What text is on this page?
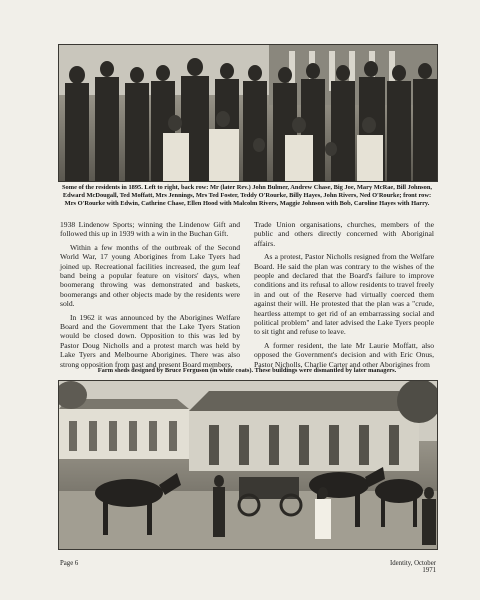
Some of the residents in 1895. Left to right, back row: Mr (later Rev.) John Bulmer, Andrew Chase, Big Joe, Mary McRae, Bill Johnson, Edward McDougall, Ted Moffatt, Mrs Jennings, Mrs Ted Foster, Teddy O'Rourke, Billy Hayes, John Rivers, Ned O'Rourke; front row: Mrs O'Rourke with Edwin, Cathrine Chase, Ellen Hood with Malcolm Rivers, Maggie Johnson with Bob, Caroline Hayes with Harry.

1938 Lindenow Sports; winning the Lindenow Gift and followed this up in 1939 with a win in the Buchan Gift.

Within a few months of the outbreak of the Second World War, 17 young Aborigines from Lake Tyers had joined up. Recreational facilities increased, the gum leaf band being a popular feature on visitors' days, when boomerang throwing was demonstrated and baskets, boomerangs and other objects made by the residents were sold.

In 1962 it was announced by the Aborigines Welfare Board and the Government that the Lake Tyers Station would be closed down. Opposition to this was led by Pastor Doug Nicholls and a protest march was held by Lake Tyers and Melbourne Aborigines. There was also strong opposition from past and present Board members,

Trade Union organisations, churches, members of the public and others directly concerned with Aboriginal affairs.

As a protest, Pastor Nicholls resigned from the Welfare Board. He said the plan was contrary to the wishes of the people and declared that the Board's failure to improve conditions and its refusal to allow residents to travel freely in and out of the Reserve had virtually coerced them against their will. He protested that the plan was a "crude, heartless attempt to get rid of an embarrassing social and political problem" and later advised the Lake Tyers people to sit tight and refuse to leave.

A former resident, the late Mr Laurie Moffatt, also opposed the Government's decision and with Eric Onus, Pastor Nicholls, Charlie Carter and other Aborigines from

Farm sheds designed by Bruce Ferguson (in white coats). These buildings were dismantled by later managers.
Page 6	Identity, October 1971
